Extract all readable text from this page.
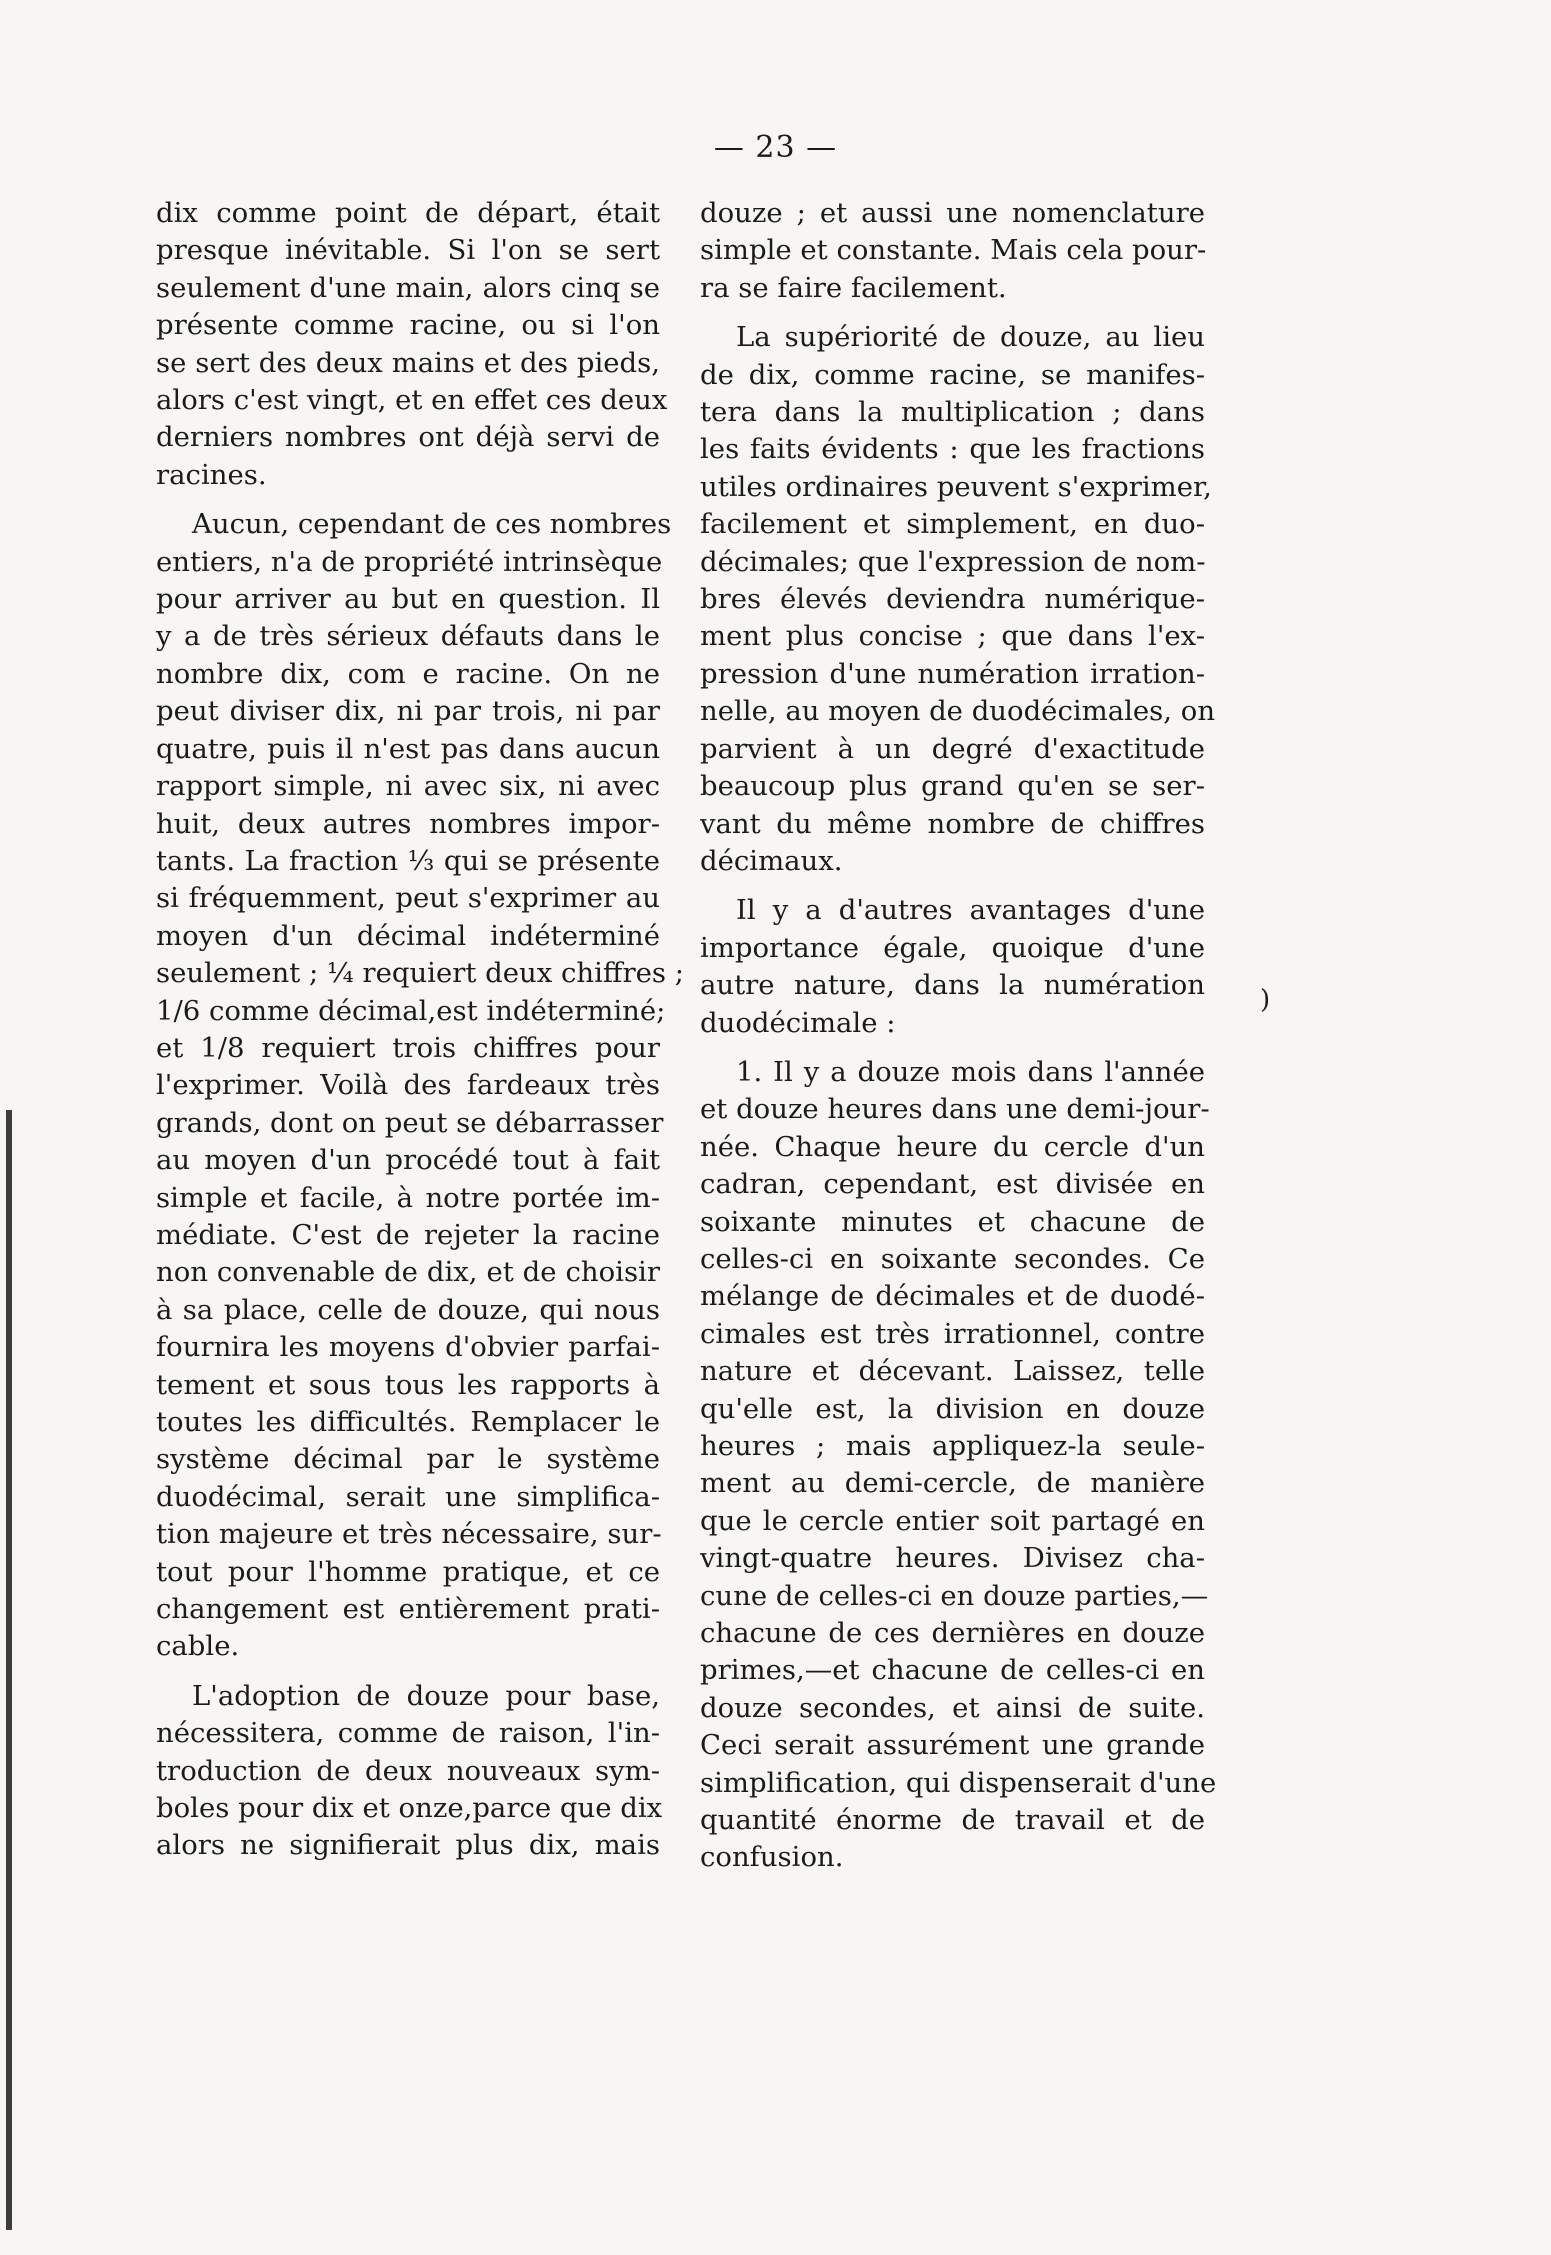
— 23 —
dix comme point de départ, était
presque inévitable. Si l'on se sert
seulement d'une main, alors cinq se
présente comme racine, ou si l'on
se sert des deux mains et des pieds,
alors c'est vingt, et en effet ces deux
derniers nombres ont déjà servi de
racines.
Aucun, cependant de ces nombres
entiers, n'a de propriété intrinsèque
pour arriver au but en question. Il
y a de très sérieux défauts dans le
nombre dix, com e racine. On ne
peut diviser dix, ni par trois, ni par
quatre, puis il n'est pas dans aucun
rapport simple, ni avec six, ni avec
huit, deux autres nombres impor-
tants. La fraction ⅓ qui se présente
si fréquemment, peut s'exprimer au
moyen d'un décimal indéterminé
seulement ; ¼ requiert deux chiffres ;
1/6 comme décimal,est indéterminé;
et 1/8 requiert trois chiffres pour
l'exprimer. Voilà des fardeaux très
grands, dont on peut se débarrasser
au moyen d'un procédé tout à fait
simple et facile, à notre portée im-
médiate. C'est de rejeter la racine
non convenable de dix, et de choisir
à sa place, celle de douze, qui nous
fournira les moyens d'obvier parfai-
tement et sous tous les rapports à
toutes les difficultés. Remplacer le
système décimal par le système
duodécimal, serait une simplifica-
tion majeure et très nécessaire, sur-
tout pour l'homme pratique, et ce
changement est entièrement prati-
cable.
L'adoption de douze pour base,
nécessitera, comme de raison, l'in-
troduction de deux nouveaux sym-
boles pour dix et onze,parce que dix
alors ne signifierait plus dix, mais
douze ; et aussi une nomenclature
simple et constante. Mais cela pour-
ra se faire facilement.
La supériorité de douze, au lieu
de dix, comme racine, se manifes-
tera dans la multiplication ; dans
les faits évidents : que les fractions
utiles ordinaires peuvent s'exprimer,
facilement et simplement, en duo-
décimales; que l'expression de nom-
bres élevés deviendra numérique-
ment plus concise ; que dans l'ex-
pression d'une numération irration-
nelle, au moyen de duodécimales, on
parvient à un degré d'exactitude
beaucoup plus grand qu'en se ser-
vant du même nombre de chiffres
décimaux.
Il y a d'autres avantages d'une
importance égale, quoique d'une
autre nature, dans la numération
duodécimale :
1. Il y a douze mois dans l'année
et douze heures dans une demi-jour-
née. Chaque heure du cercle d'un
cadran, cependant, est divisée en
soixante minutes et chacune de
celles-ci en soixante secondes. Ce
mélange de décimales et de duodé-
cimales est très irrationnel, contre
nature et décevant. Laissez, telle
qu'elle est, la division en douze
heures ; mais appliquez-la seule-
ment au demi-cercle, de manière
que le cercle entier soit partagé en
vingt-quatre heures. Divisez cha-
cune de celles-ci en douze parties,—
chacune de ces dernières en douze
primes,—et chacune de celles-ci en
douze secondes, et ainsi de suite.
Ceci serait assurément une grande
simplification, qui dispenserait d'une
quantité énorme de travail et de
confusion.
)
